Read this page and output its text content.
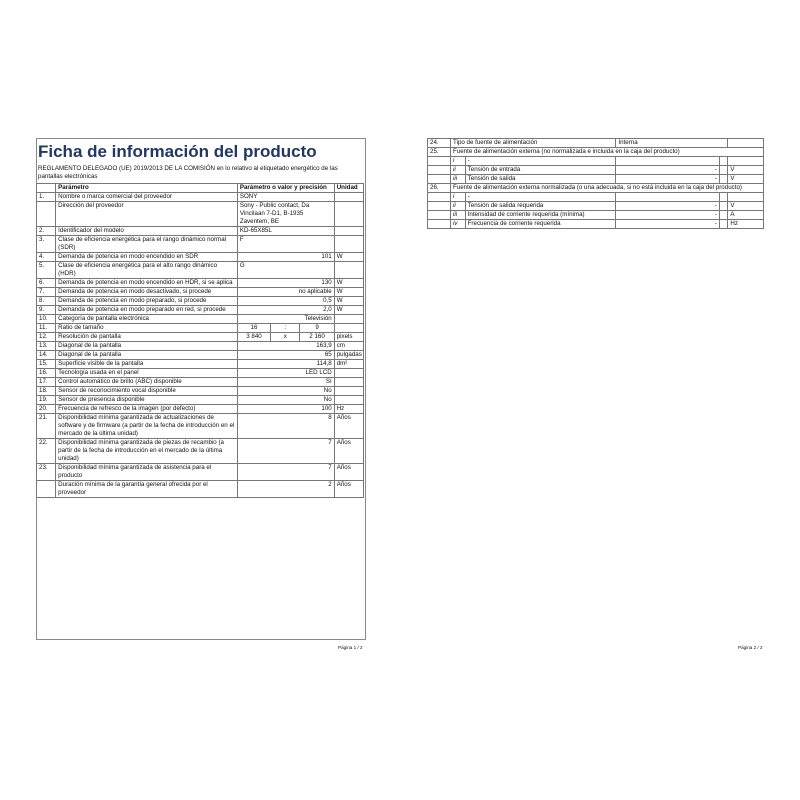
Ficha de información del producto
REGLAMENTO DELEGADO (UE) 2019/2013 DE LA COMISIÓN en lo relativo al etiquetado energético de las pantallas electrónicas
	Parámetro	Parámetro o valor y precisión			Unidad
1.	Nombre o marca comercial del proveedor	SONY			
	Dirección del proveedor	Sony - Public contact, Da Vincilaan 7-D1, B-1935 Zaventem, BE			
2.	Identificador del modelo	KD-65X85L			
3.	Clase de eficiencia energética para el rango dinámico normal (SDR)	F			
4.	Demanda de potencia en modo encendido en SDR	101			W
5.	Clase de eficiencia energética para el alto rango dinámico (HDR)	G			
6.	Demanda de potencia en modo encendido en HDR, si se aplica	130			W
7.	Demanda de potencia en modo desactivado, si procede	no aplicable			W
8.	Demanda de potencia en modo preparado, si procede	0,5			W
9.	Demanda de potencia en modo preparado en red, si procede	2,0			W
10.	Categoría de pantalla electrónica	Televisión			
11.	Ratio de tamaño	16	:	9	
12.	Resolución de pantalla	3 840	x	2 160	pixels
13.	Diagonal de la pantalla	163,9			cm
14.	Diagonal de la pantalla	65			pulgadas
15.	Superficie visible de la pantalla	114,8			dm²
16.	Tecnología usada en el panel	LED LCD			
17.	Control automático de brillo (ABC) disponible	Sí			
18.	Sensor de reconocimiento vocal disponible	No			
19.	Sensor de presencia disponible	No			
20.	Frecuencia de refresco de la imagen (por defecto)	100			Hz
21.	Disponibilidad mínima garantizada de actualizaciones de software y de firmware (a partir de la fecha de introducción en el mercado de la última unidad)	8			Años
22.	Disponibilidad mínima garantizada de piezas de recambio (a partir de la fecha de introducción en el mercado de la última unidad)	7			Años
23.	Disponibilidad mínima garantizada de asistencia para el producto	7			Años
	Duración mínima de la garantía general ofrecida por el proveedor	2			Años
Página 1 / 2
24.	Tipo de fuente de alimentación		Interna		
25.	Fuente de alimentación externa (no normalizada e incluida en la caja del producto)				
	i	-			
	ii	Tensión de entrada	-		V
	iii	Tensión de salida	-		V
26.	Fuente de alimentación externa normalizada (o una adecuada, si no está incluida en la caja del producto)				
	i	-			
	ii	Tensión de salida requerida	-		V
	iii	Intensidad de corriente requerida (mínima)	-		A
	iv	Frecuencia de corriente requerida	-		Hz
Página 2 / 2
